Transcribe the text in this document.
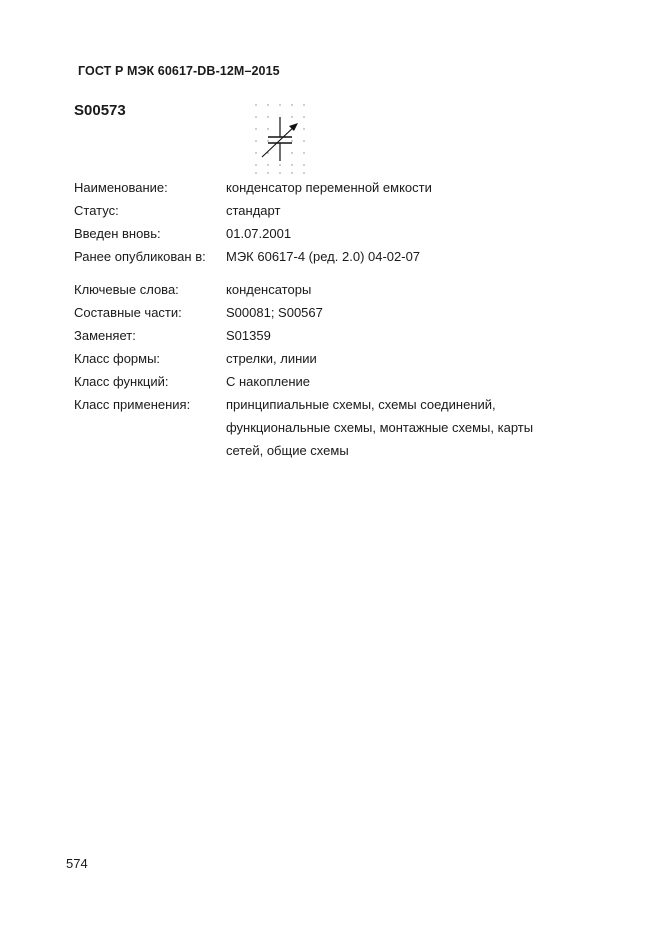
ГОСТ Р МЭК 60617-DB-12M–2015
S00573
Наименование:	конденсатор переменной емкости
Статус:	стандарт
Введен вновь:	01.07.2001
Ранее опубликован в: МЭК 60617-4 (ред. 2.0) 04-02-07
Ключевые слова:	конденсаторы
Составные части:	S00081; S00567
Заменяет:	S01359
Класс формы:	стрелки, линии
Класс функций:	С накопление
Класс применения:	принципиальные схемы, схемы соединений,
функциональные схемы, монтажные схемы, карты
сетей, общие схемы
574
